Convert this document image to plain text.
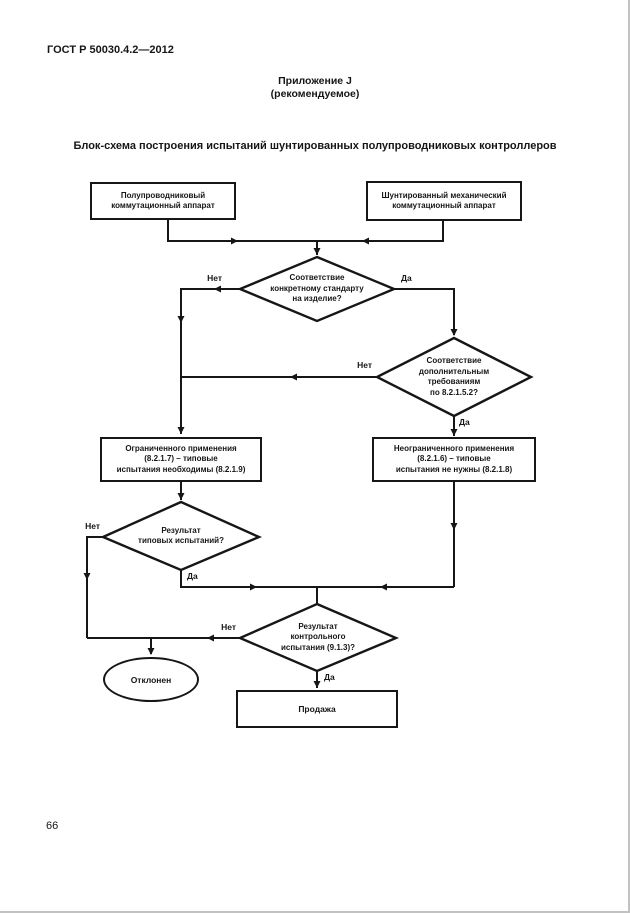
ГОСТ Р 50030.4.2—2012
Приложение J
(рекомендуемое)
Блок-схема построения испытаний шунтированных полупроводниковых контроллеров
Полупроводниковый
коммутационный аппарат
Шунтированный механический
коммутационный аппарат
Ограниченного применения
(8.2.1.7) – типовые
испытания необходимы (8.2.1.9)
Неограниченного применения
(8.2.1.6) – типовые
испытания не нужны (8.2.1.8)
Отклонен
Продажа
Соответствие
конкретному стандарту
на изделие?
Соответствие
дополнительным
требованиям
по 8.2.1.5.2?
Результат
типовых испытаний?
Результат
контрольного
испытания (9.1.3)?
Нет	Да
Нет
Да
Нет
Да
Нет
Да
66
